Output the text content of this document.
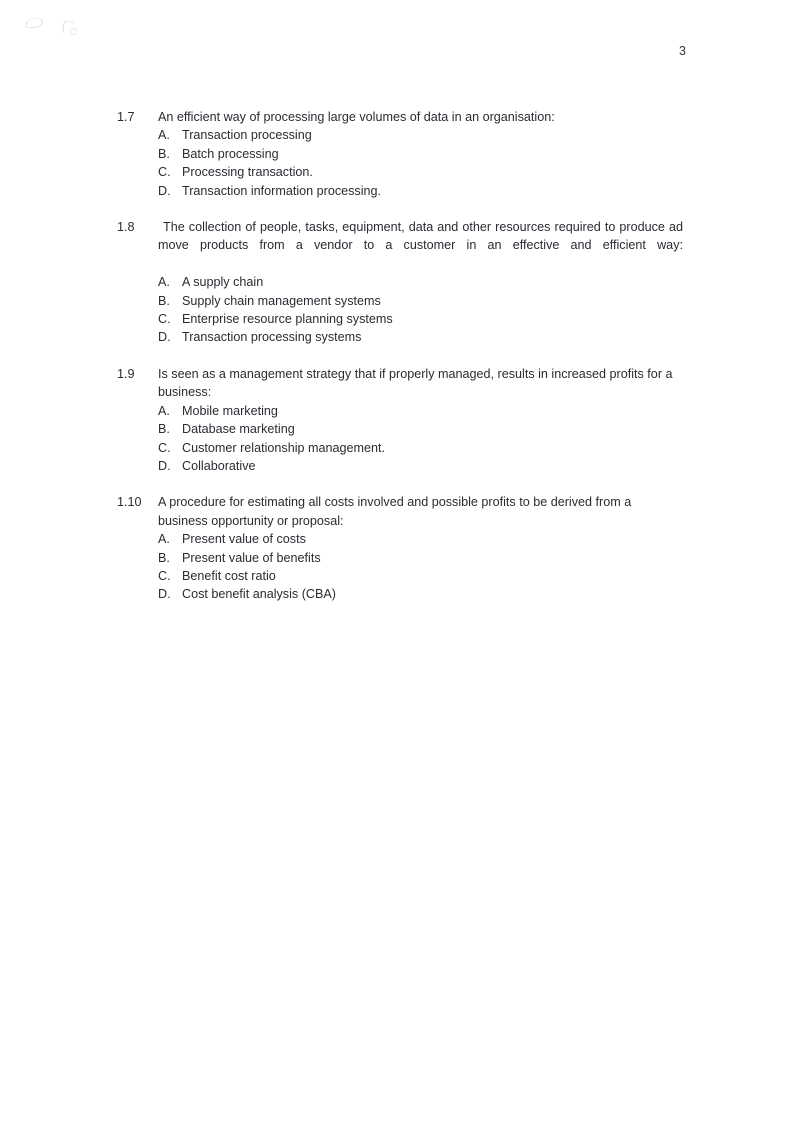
3
1.7	An efficient way of processing large volumes of data in an organisation:

A. Transaction processing
B. Batch processing
C. Processing transaction.
D. Transaction information processing.
1.8	The collection of people, tasks, equipment, data and other resources required to produce ad move products from a vendor to a customer in an effective and efficient way:

A. A supply chain
B. Supply chain management systems
C. Enterprise resource planning systems
D. Transaction processing systems
1.9	Is seen as a management strategy that if properly managed, results in increased profits for a business:

A. Mobile marketing
B. Database marketing
C. Customer relationship management.
D. Collaborative
1.10	A procedure for estimating all costs involved and possible profits to be derived from a business opportunity or proposal:

A. Present value of costs
B. Present value of benefits
C. Benefit cost ratio
D. Cost benefit analysis (CBA)
